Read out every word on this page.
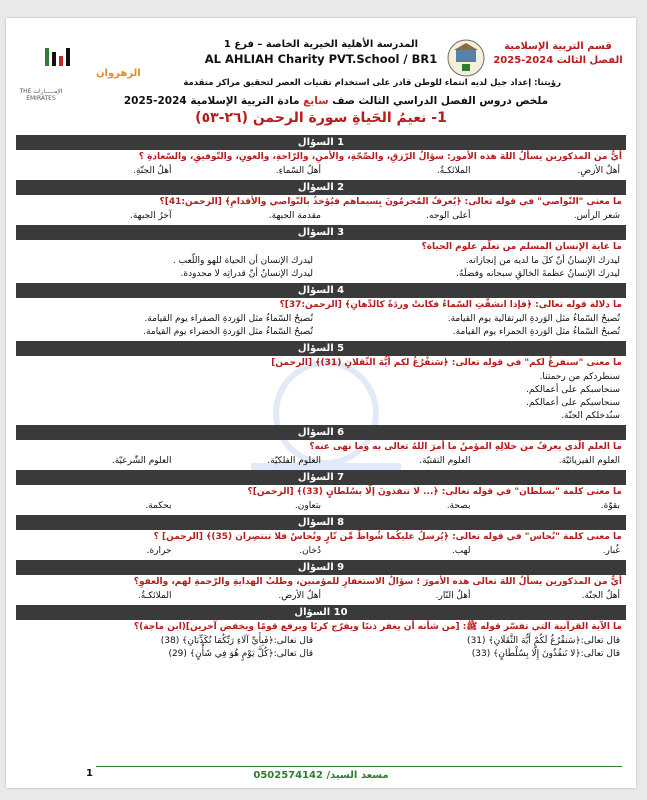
قسم التربية الإسلامية
الفصل الثالث 2024-2025
المدرسة الأهلية الخيرية الخاصة – فرع 1
AL AHLIAH Charity PVT.School / BR1
الإمـــــارات THE EMIRATES
الزهروان
رؤيتنا: إعداد جيل لديه انتماء للوطن قادر على استخدام تقنيات العصر لتحقيق مراكز متقدمة
ملخص دروس الفصل الدراسي الثالث صف سابع مادة التربية الإسلامية 2024-2025
1- نعيمُ الحَياةِ سورة الرحمن (٢٦-٥٣)
1 السؤال
أيٌّ من المذكورين يسألُ اللهَ هذه الأمور: سؤالُ الرّزقِ، والصِّحّةِ، والأمنِ، والرّاحةِ، والعونِ، والتّوفيقِ، والسّعادةِ ؟
أهلُ الأرضِ.
الملائكـةُ.
أهلُ السّماءِ.
أهلُ الجنّةِ.
2 السؤال
ما معنى "النّواصي" في قوله تعالى: ﴿يُعرفُ المُجرمُونَ بِسيماهم فيُؤخذُ بالنّواصي والأقدامِ﴾ [الرحمن:41]؟
شعر الرأس.
أعلى الوجه.
مقدمة الجبهة.
آخرُ الجبهة.
3 السؤال
ما غاية الإنسان المسلم من تعلّم علوم الحياة؟
ليدرك الإنسانُ أنّ كلَ ما لديه من إنجازاته.
ليدرك الإنسان أن الحياة للهو واللّعب .
ليدرك الإنسانُ عظمةَ الخالقِ سبحانه وفضلَهُ.
ليدرك الإنسانُ أنّ قدراتِه لا محدودة.
4 السؤال
ما دلالة قوله تعالى: ﴿فإذا انشقّتِ السّماءُ فكانتْ وردَةً كالدِّهانِ﴾ [الرحمن:37]؟
تُصبحُ السّماءُ مثل الوَردةِ البرتقالية يوم القيامة.
تُصبحُ السّماءُ مثل الوَردةِ الصفراء يوم القيامة.
تُصبحُ السّماءُ مثل الوَردةِ الحمراء يوم القيامة.
تُصبحُ السّماءُ مثل الوَردةِ الخضراء يوم القيامة.
5 السؤال
ما معنى "سنفرغُ لكم" في قوله تعالى: ﴿سَنفْرُغُ لكم أيُّهَ الثّقلانِ (31)﴾ [الرحمن]
سنطردكم من رحمتنا.
سنحاسبكم على أعمالكم.
سنحاسبكم على أعمالكم.
سنُدخلكم الجنّة.
6 السؤال
ما العلم الّذي يعرفُ من خلالِهِ المؤمنُ ما أمرَ اللهُ تعالى به وما نهى عنه؟
العلوم الفيزيائيّة.
العلوم التقنيّة.
العلوم الفلكيّة.
العلوم الشّرعيّة.
7 السؤال
ما معنى كلمة "بسلطان" في قوله تعالى: ﴿... لا تنفذونَ إلّا بسُلطانٍ (33)﴾ [الرحمن]؟
بقوّة.
بصحة.
بتعاون.
بحكمة.
8 السؤال
ما معنى كلمة "نُحاس" في قوله تعالى: ﴿يُرسلُ عليكُما شُواظٌ مِّن نّارٍ ونُحاسٌ فلا تنتصِران (35)﴾ [الرحمن] ؟
غُبار.
لهب.
دُخان.
حرارة.
9 السؤال
أيٌّ من المذكورين يسألُ اللهَ تعالى هذه الأمورَ ؛ سؤالُ الاستغفارِ للمؤمنين، وطلبُ الهدايةِ والرّحمةِ لهم، والعفوِ؟
أهلُ الجنّة.
أهلُ النّار.
أهلُ الأرض.
الملائكـةُ.
10 السؤال
ما الآية القرآنية التي تفسّر قوله ﷺ: [من شأنه أن يغفر ذنبًا ويفرّج كربًا ويرفع قومًا ويخفض آخرين](ابن ماجة)؟
قال تعالى:﴿سَنفْرُغُ لَكُمْ أَيُّهَ الثَّقَلَانِ﴾ (31)
قال تعالى:﴿فَبِأَيِّ آلَاءِ رَبِّكُمَا تُكَذِّبَانِ﴾ (38)
قال تعالى:﴿لا تَنفُذُونَ إِلَّا بِسُلْطَانٍ﴾ (33)
قال تعالى:﴿كُلَّ يَوْمٍ هُوَ فِي شَأْنٍ﴾ (29)
1	مسعد السيد/ 0502574142
